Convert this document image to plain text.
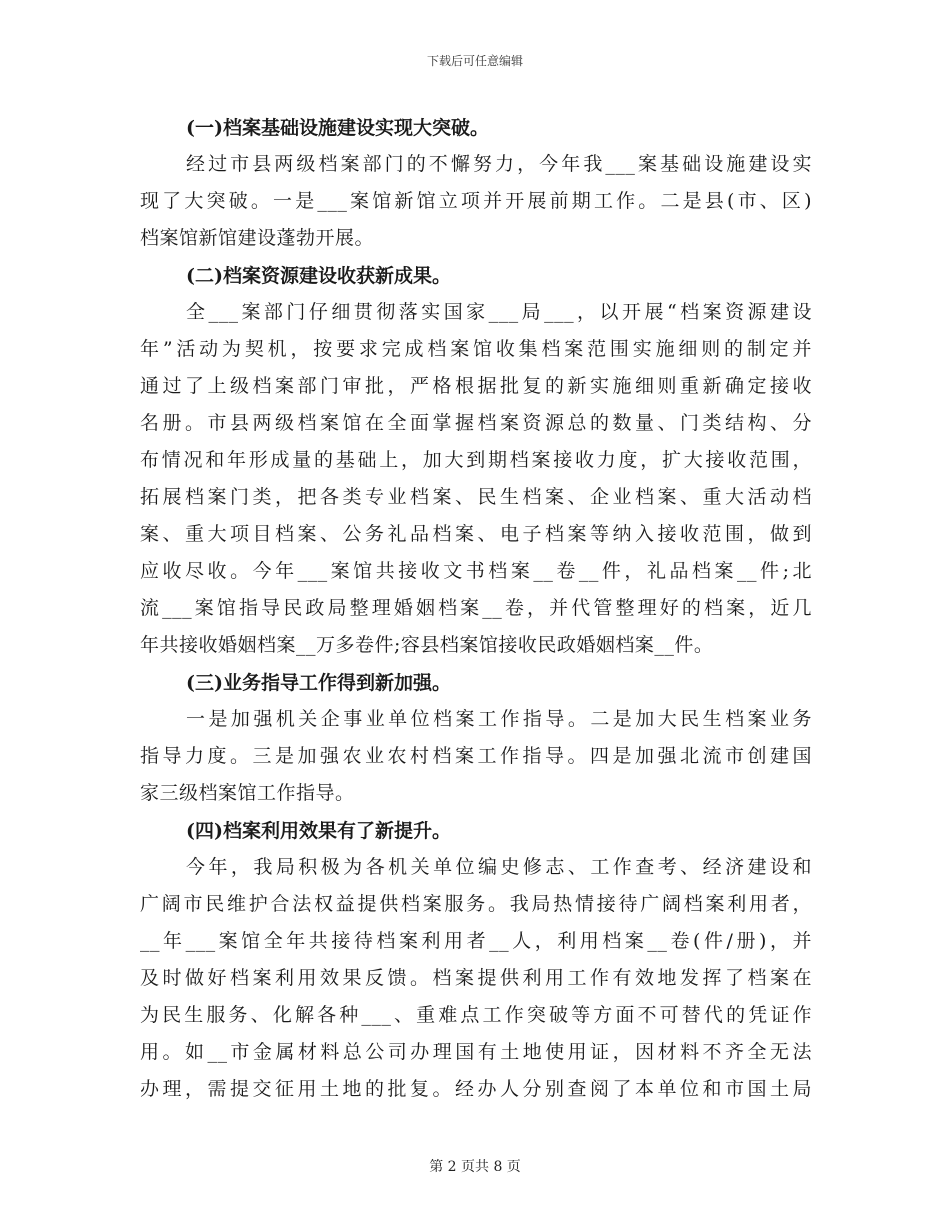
下载后可任意编辑
(一)档案基础设施建设实现大突破。
经过市县两级档案部门的不懈努力，今年我___案基础设施建设实
现了大突破。一是___案馆新馆立项并开展前期工作。二是县(市、区)
档案馆新馆建设蓬勃开展。
(二)档案资源建设收获新成果。
全___案部门仔细贯彻落实国家___局___，以开展“档案资源建设
年”活动为契机，按要求完成档案馆收集档案范围实施细则的制定并
通过了上级档案部门审批，严格根据批复的新实施细则重新确定接收
名册。市县两级档案馆在全面掌握档案资源总的数量、门类结构、分
布情况和年形成量的基础上，加大到期档案接收力度，扩大接收范围，
拓展档案门类，把各类专业档案、民生档案、企业档案、重大活动档
案、重大项目档案、公务礼品档案、电子档案等纳入接收范围，做到
应收尽收。今年___案馆共接收文书档案__卷__件，礼品档案__件;北
流___案馆指导民政局整理婚姻档案__卷，并代管整理好的档案，近几
年共接收婚姻档案__万多卷件;容县档案馆接收民政婚姻档案__件。
(三)业务指导工作得到新加强。
一是加强机关企事业单位档案工作指导。二是加大民生档案业务
指导力度。三是加强农业农村档案工作指导。四是加强北流市创建国
家三级档案馆工作指导。
(四)档案利用效果有了新提升。
今年，我局积极为各机关单位编史修志、工作查考、经济建设和
广阔市民维护合法权益提供档案服务。我局热情接待广阔档案利用者，
__年___案馆全年共接待档案利用者__人，利用档案__卷(件/册)，并
及时做好档案利用效果反馈。档案提供利用工作有效地发挥了档案在
为民生服务、化解各种___、重难点工作突破等方面不可替代的凭证作
用。如__市金属材料总公司办理国有土地使用证，因材料不齐全无法
办理，需提交征用土地的批复。经办人分别查阅了本单位和市国土局
第 2 页共 8 页
